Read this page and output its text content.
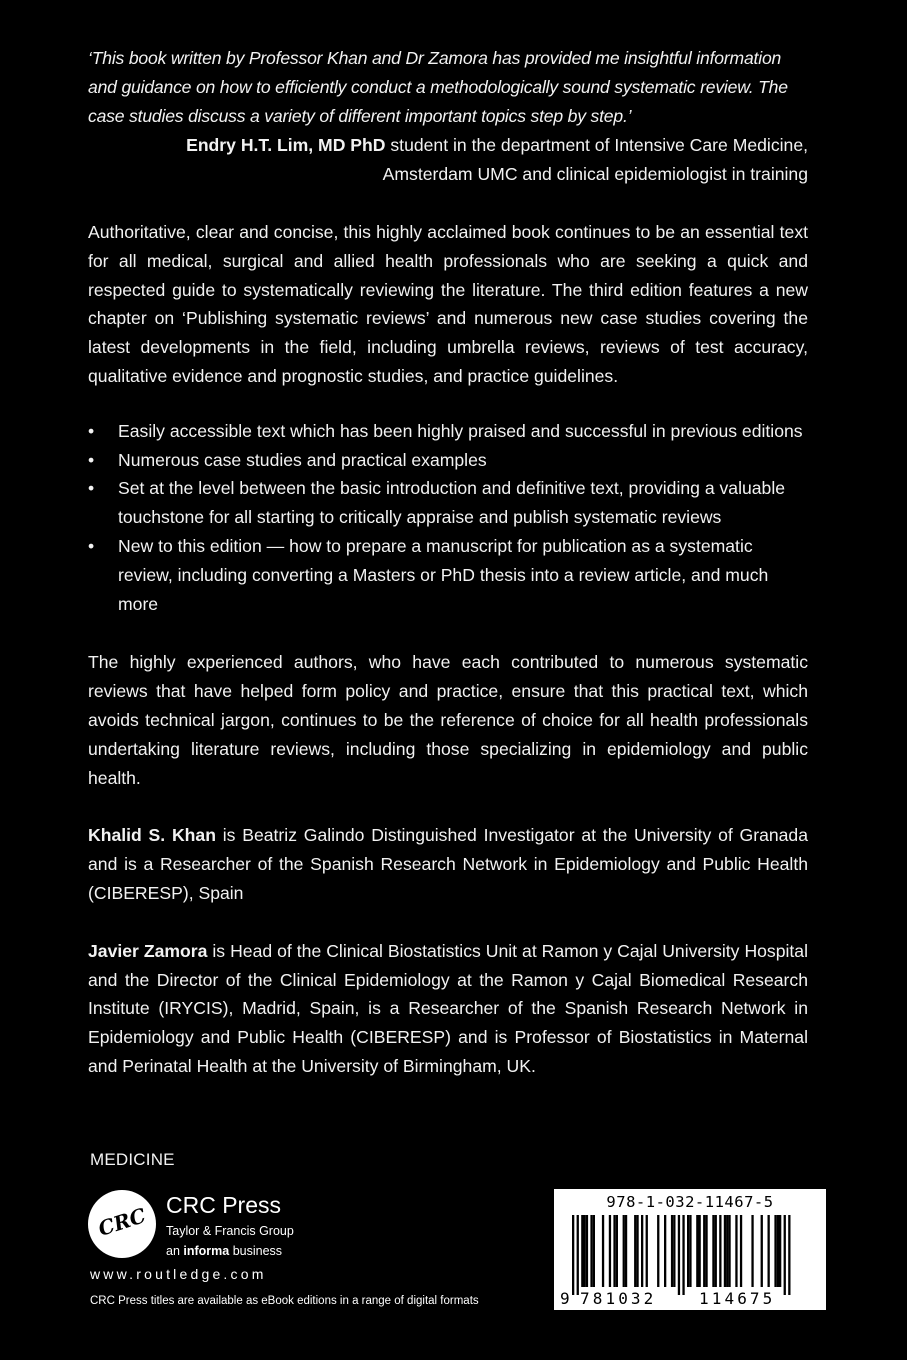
‘This book written by Professor Khan and Dr Zamora has provided me insightful information and guidance on how to efficiently conduct a methodologically sound systematic review. The case studies discuss a variety of different important topics step by step.’

Endry H.T. Lim, MD PhD student in the department of Intensive Care Medicine,
Amsterdam UMC and clinical epidemiologist in training

Authoritative, clear and concise, this highly acclaimed book continues to be an essential text for all medical, surgical and allied health professionals who are seeking a quick and respected guide to systematically reviewing the literature. The third edition features a new chapter on ‘Publishing systematic reviews’ and numerous new case studies covering the latest developments in the field, including umbrella reviews, reviews of test accuracy, qualitative evidence and prognostic studies, and practice guidelines.

• Easily accessible text which has been highly praised and successful in previous editions
• Numerous case studies and practical examples
• Set at the level between the basic introduction and definitive text, providing a valuable touchstone for all starting to critically appraise and publish systematic reviews
• New to this edition — how to prepare a manuscript for publication as a systematic review, including converting a Masters or PhD thesis into a review article, and much more

The highly experienced authors, who have each contributed to numerous systematic reviews that have helped form policy and practice, ensure that this practical text, which avoids technical jargon, continues to be the reference of choice for all health professionals undertaking literature reviews, including those specializing in epidemiology and public health.

Khalid S. Khan is Beatriz Galindo Distinguished Investigator at the University of Granada and is a Researcher of the Spanish Research Network in Epidemiology and Public Health (CIBERESP), Spain

Javier Zamora is Head of the Clinical Biostatistics Unit at Ramon y Cajal University Hospital and the Director of the Clinical Epidemiology at the Ramon y Cajal Biomedical Research Institute (IRYCIS), Madrid, Spain, is a Researcher of the Spanish Research Network in Epidemiology and Public Health (CIBERESP) and is Professor of Biostatistics in Maternal and Perinatal Health at the University of Birmingham, UK.

MEDICINE
CRC CRC Press
Taylor & Francis Group
an informa business
www.routledge.com
CRC Press titles are available as eBook editions in a range of digital formats
978-1-032-11467-5
9 781032	114675
